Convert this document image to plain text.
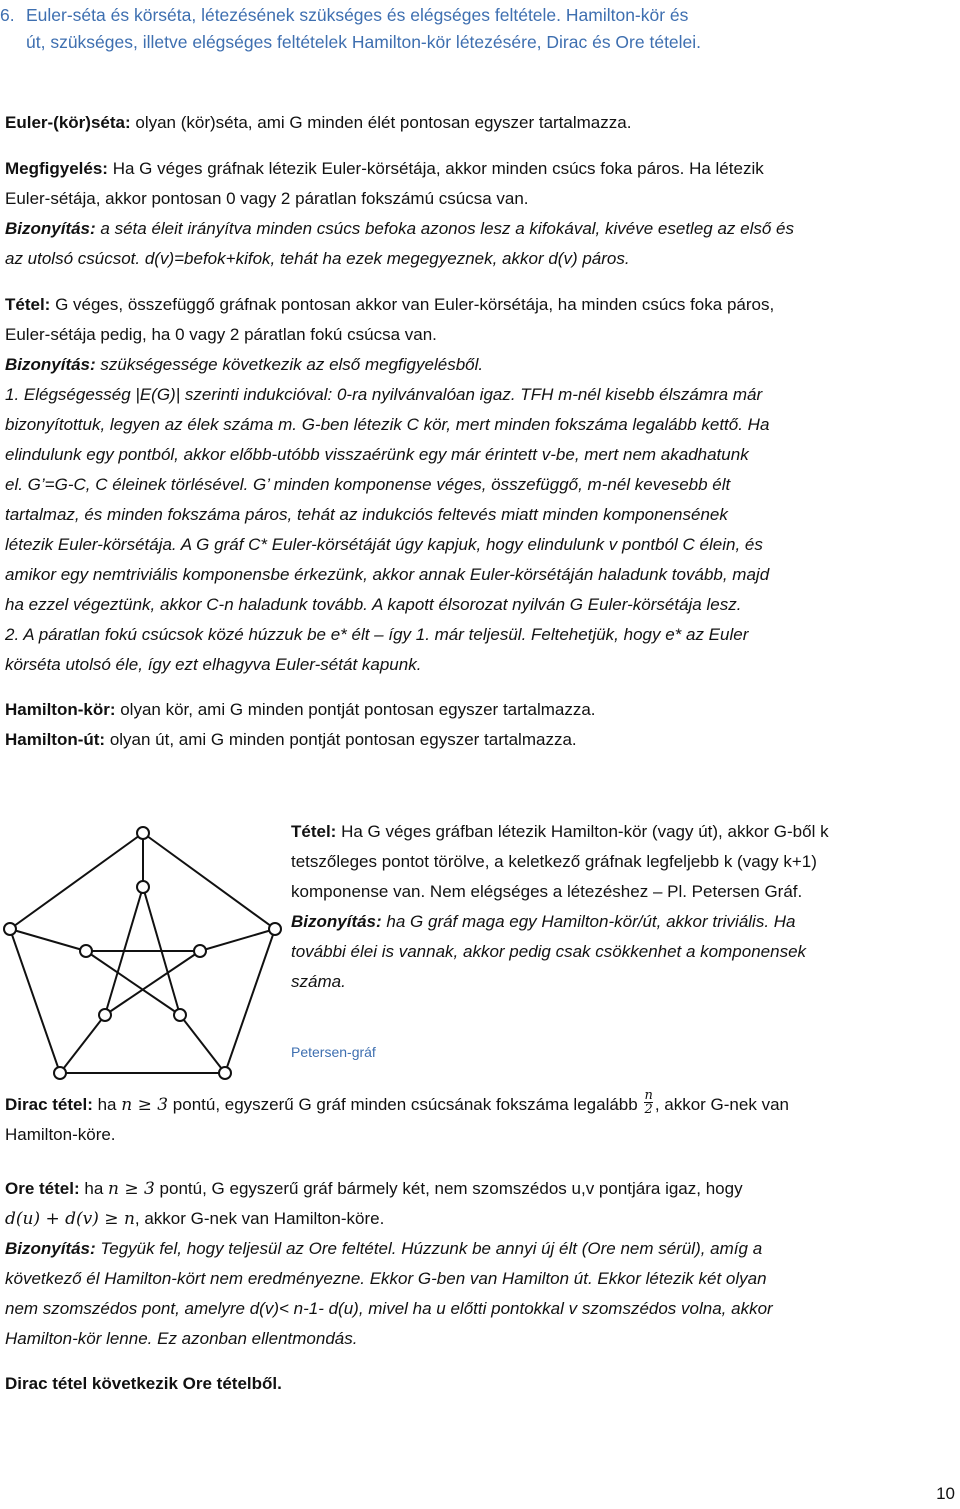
6. Euler-séta és körséta, létezésének szükséges és elégséges feltétele. Hamilton-kör és
út, szükséges, illetve elégséges feltételek Hamilton-kör létezésére, Dirac és Ore tételei.

Euler-(kör)séta: olyan (kör)séta, ami G minden élét pontosan egyszer tartalmazza.

Megfigyelés: Ha G véges gráfnak létezik Euler-körsétája, akkor minden csúcs foka páros. Ha létezik

Euler-sétája, akkor pontosan 0 vagy 2 páratlan fokszámú csúcsa van.

Bizonyítás: a séta éleit irányítva minden csúcs befoka azonos lesz a kifokával, kivéve esetleg az első és

az utolsó csúcsot. d(v)=befok+kifok, tehát ha ezek megegyeznek, akkor d(v) páros.

Tétel: G véges, összefüggő gráfnak pontosan akkor van Euler-körsétája, ha minden csúcs foka páros,

Euler-sétája pedig, ha 0 vagy 2 páratlan fokú csúcsa van.

Bizonyítás: szükségessége következik az első megfigyelésből.

1. Elégségesség |E(G)| szerinti indukcióval: 0-ra nyilvánvalóan igaz. TFH m-nél kisebb élszámra már

bizonyítottuk, legyen az élek száma m. G-ben létezik C kör, mert minden fokszáma legalább kettő. Ha

elindulunk egy pontból, akkor előbb-utóbb visszaérünk egy már érintett v-be, mert nem akadhatunk

el. G’=G-C, C éleinek törlésével. G’ minden komponense véges, összefüggő, m-nél kevesebb élt

tartalmaz, és minden fokszáma páros, tehát az indukciós feltevés miatt minden komponensének

létezik Euler-körsétája. A G gráf C* Euler-körsétáját úgy kapjuk, hogy elindulunk v pontból C élein, és

amikor egy nemtriviális komponensbe érkezünk, akkor annak Euler-körsétáján haladunk tovább, majd

ha ezzel végeztünk, akkor C-n haladunk tovább. A kapott élsorozat nyilván G Euler-körsétája lesz.

2. A páratlan fokú csúcsok közé húzzuk be e* élt – így 1. már teljesül. Feltehetjük, hogy e* az Euler

körséta utolsó éle, így ezt elhagyva Euler-sétát kapunk.

Hamilton-kör: olyan kör, ami G minden pontját pontosan egyszer tartalmazza.

Hamilton-út: olyan út, ami G minden pontját pontosan egyszer tartalmazza.

Tétel: Ha G véges gráfban létezik Hamilton-kör (vagy út), akkor G-ből k

tetszőleges pontot törölve, a keletkező gráfnak legfeljebb k (vagy k+1)

komponense van. Nem elégséges a létezéshez – Pl. Petersen Gráf.

Bizonyítás: ha G gráf maga egy Hamilton-kör/út, akkor triviális. Ha

további élei is vannak, akkor pedig csak csökkenhet a komponensek

száma.

Petersen-gráf

Dirac tétel: ha n ≥ 3 pontú, egyszerű G gráf minden csúcsának fokszáma legalább $\frac{n}{2}$ , akkor G-nek van

Hamilton-köre.

Ore tétel: ha n ≥ 3 pontú, G egyszerű gráf bármely két, nem szomszédos u,v pontjára igaz, hogy

d(u) + d(v) ≥ n, akkor G-nek van Hamilton-köre.

Bizonyítás: Tegyük fel, hogy teljesül az Ore feltétel. Húzzunk be annyi új élt (Ore nem sérül), amíg a

következő él Hamilton-kört nem eredményezne. Ekkor G-ben van Hamilton út. Ekkor létezik két olyan

nem szomszédos pont, amelyre d(v)< n-1- d(u), mivel ha u előtti pontokkal v szomszédos volna, akkor

Hamilton-kör lenne. Ez azonban ellentmondás.

Dirac tétel következik Ore tételből.
10
